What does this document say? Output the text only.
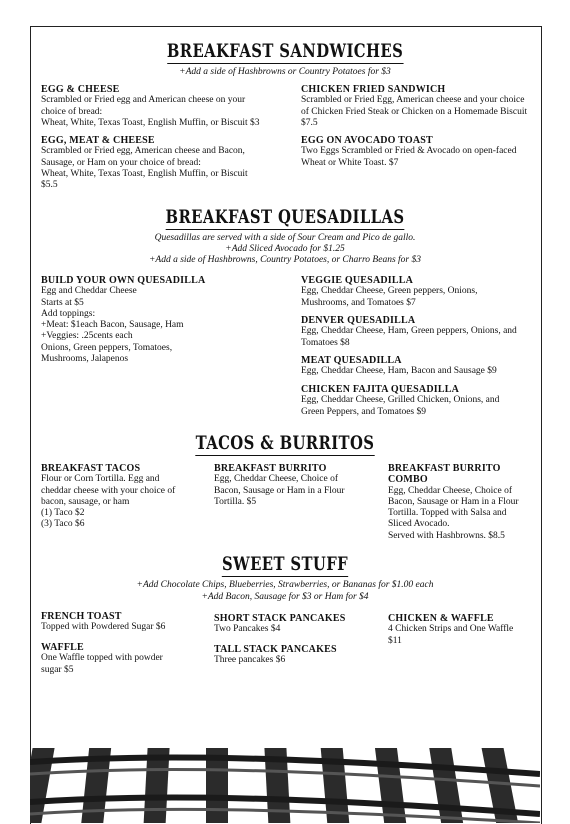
BREAKFAST SANDWICHES
+Add a side of Hashbrowns or Country Potatoes for $3
EGG & CHEESE
Scrambled or Fried egg and American cheese on your
choice of bread:
Wheat, White, Texas Toast, English Muffin, or Biscuit $3
EGG, MEAT & CHEESE
Scrambled or Fried egg, American cheese and Bacon,
Sausage, or Ham on your choice of bread:
Wheat, White, Texas Toast, English Muffin, or Biscuit
$5.5
CHICKEN FRIED SANDWICH
Scrambled or Fried Egg, American cheese and your choice
of Chicken Fried Steak or Chicken on a Homemade Biscuit
$7.5
EGG ON AVOCADO TOAST
Two Eggs Scrambled or Fried & Avocado on open-faced
Wheat or White Toast. $7
BREAKFAST QUESADILLAS
Quesadillas are served with a side of Sour Cream and Pico de gallo.
+Add Sliced Avocado for $1.25
+Add a side of Hashbrowns, Country Potatoes, or Charro Beans for $3
BUILD YOUR OWN QUESADILLA
Egg and Cheddar Cheese
Starts at $5
Add toppings:
+Meat: $1each Bacon, Sausage, Ham
+Veggies: .25cents each
Onions, Green peppers, Tomatoes,
Mushrooms, Jalapenos
VEGGIE QUESADILLA
Egg, Cheddar Cheese, Green peppers, Onions,
Mushrooms, and Tomatoes $7
DENVER QUESADILLA
Egg, Cheddar Cheese, Ham, Green peppers, Onions, and
Tomatoes $8
MEAT QUESADILLA
Egg, Cheddar Cheese, Ham, Bacon and Sausage $9
CHICKEN FAJITA QUESADILLA
Egg, Cheddar Cheese, Grilled Chicken, Onions, and
Green Peppers, and Tomatoes $9
TACOS & BURRITOS
BREAKFAST TACOS
Flour or Corn Tortilla. Egg and
cheddar cheese with your choice of
bacon, sausage, or ham
(1) Taco $2
(3) Taco $6
BREAKFAST BURRITO
Egg, Cheddar Cheese, Choice of
Bacon, Sausage or Ham in a Flour
Tortilla. $5
BREAKFAST BURRITO
COMBO
Egg, Cheddar Cheese, Choice of
Bacon, Sausage or Ham in a Flour
Tortilla. Topped with Salsa and
Sliced Avocado.
Served with Hashbrowns. $8.5
SWEET STUFF
+Add Chocolate Chips, Blueberries, Strawberries, or Bananas for $1.00 each
+Add Bacon, Sausage for $3 or Ham for $4
FRENCH TOAST
Topped with Powdered Sugar $6
WAFFLE
One Waffle topped with powder
sugar $5
SHORT STACK PANCAKES
Two Pancakes $4
TALL STACK PANCAKES
Three pancakes $6
CHICKEN & WAFFLE
4 Chicken Strips and One Waffle
$11
